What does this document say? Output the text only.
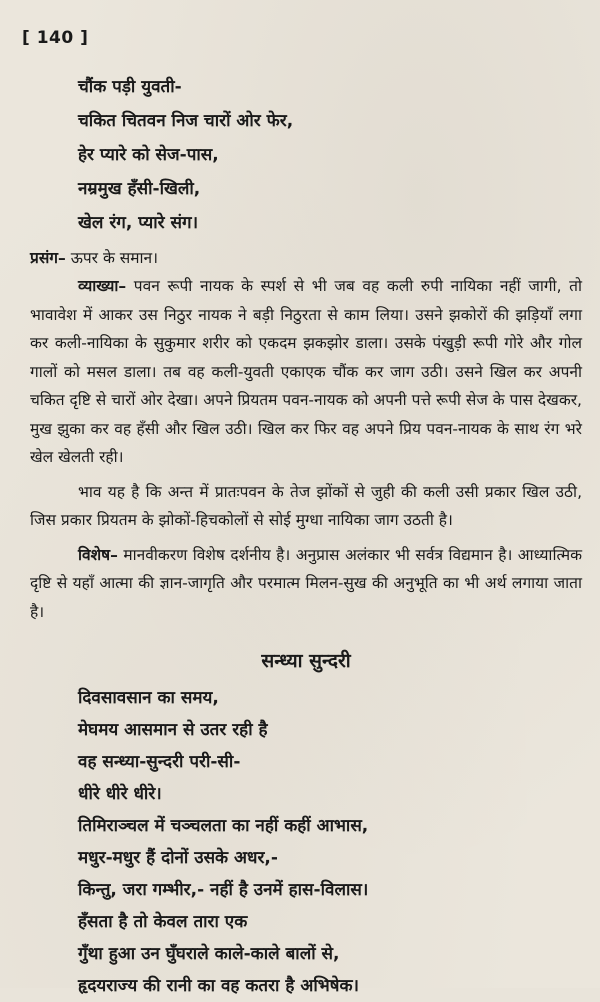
[ 140 ]
चौंक पड़ी युवती-
चकित चितवन निज चारों ओर फेर,
हेर प्यारे को सेज-पास,
नम्रमुख हँसी-खिली,
खेल रंग, प्यारे संग।

प्रसंग– ऊपर के समान।

व्याख्या– पवन रूपी नायक के स्पर्श से भी जब वह कली रुपी नायिका नहीं जागी, तो भावावेश में आकर उस निठुर नायक ने बड़ी निठुरता से काम लिया। उसने झकोरों की झड़ियाँ लगा कर कली-नायिका के सुकुमार शरीर को एकदम झकझोर डाला। उसके पंखुड़ी रूपी गोरे और गोल गालों को मसल डाला। तब वह कली-युवती एकाएक चौंक कर जाग उठी। उसने खिल कर अपनी चकित दृष्टि से चारों ओर देखा। अपने प्रियतम पवन-नायक को अपनी पत्ते रूपी सेज के पास देखकर, मुख झुका कर वह हँसी और खिल उठी। खिल कर फिर वह अपने प्रिय पवन-नायक के साथ रंग भरे खेल खेलती रही।

भाव यह है कि अन्त में प्रातःपवन के तेज झोंकों से जुही की कली उसी प्रकार खिल उठी, जिस प्रकार प्रियतम के झोकों-हिचकोलों से सोई मुग्धा नायिका जाग उठती है।

विशेष– मानवीकरण विशेष दर्शनीय है। अनुप्रास अलंकार भी सर्वत्र विद्यमान है। आध्यात्मिक दृष्टि से यहाँ आत्मा की ज्ञान-जागृति और परमात्म मिलन-सुख की अनुभूति का भी अर्थ लगाया जाता है।

सन्ध्या सुन्दरी
दिवसावसान का समय,
मेघमय आसमान से उतर रही है
वह सन्ध्या-सुन्दरी परी-सी-
धीरे धीरे धीरे।
तिमिराञ्चल में चञ्चलता का नहीं कहीं आभास,
मधुर-मधुर हैं दोनों उसके अधर,-
किन्तु, जरा गम्भीर,- नहीं है उनमें हास-विलास।
हँसता है तो केवल तारा एक
गुँथा हुआ उन घुँघराले काले-काले बालों से,
हृदयराज्य की रानी का वह कतरा है अभिषेक।
